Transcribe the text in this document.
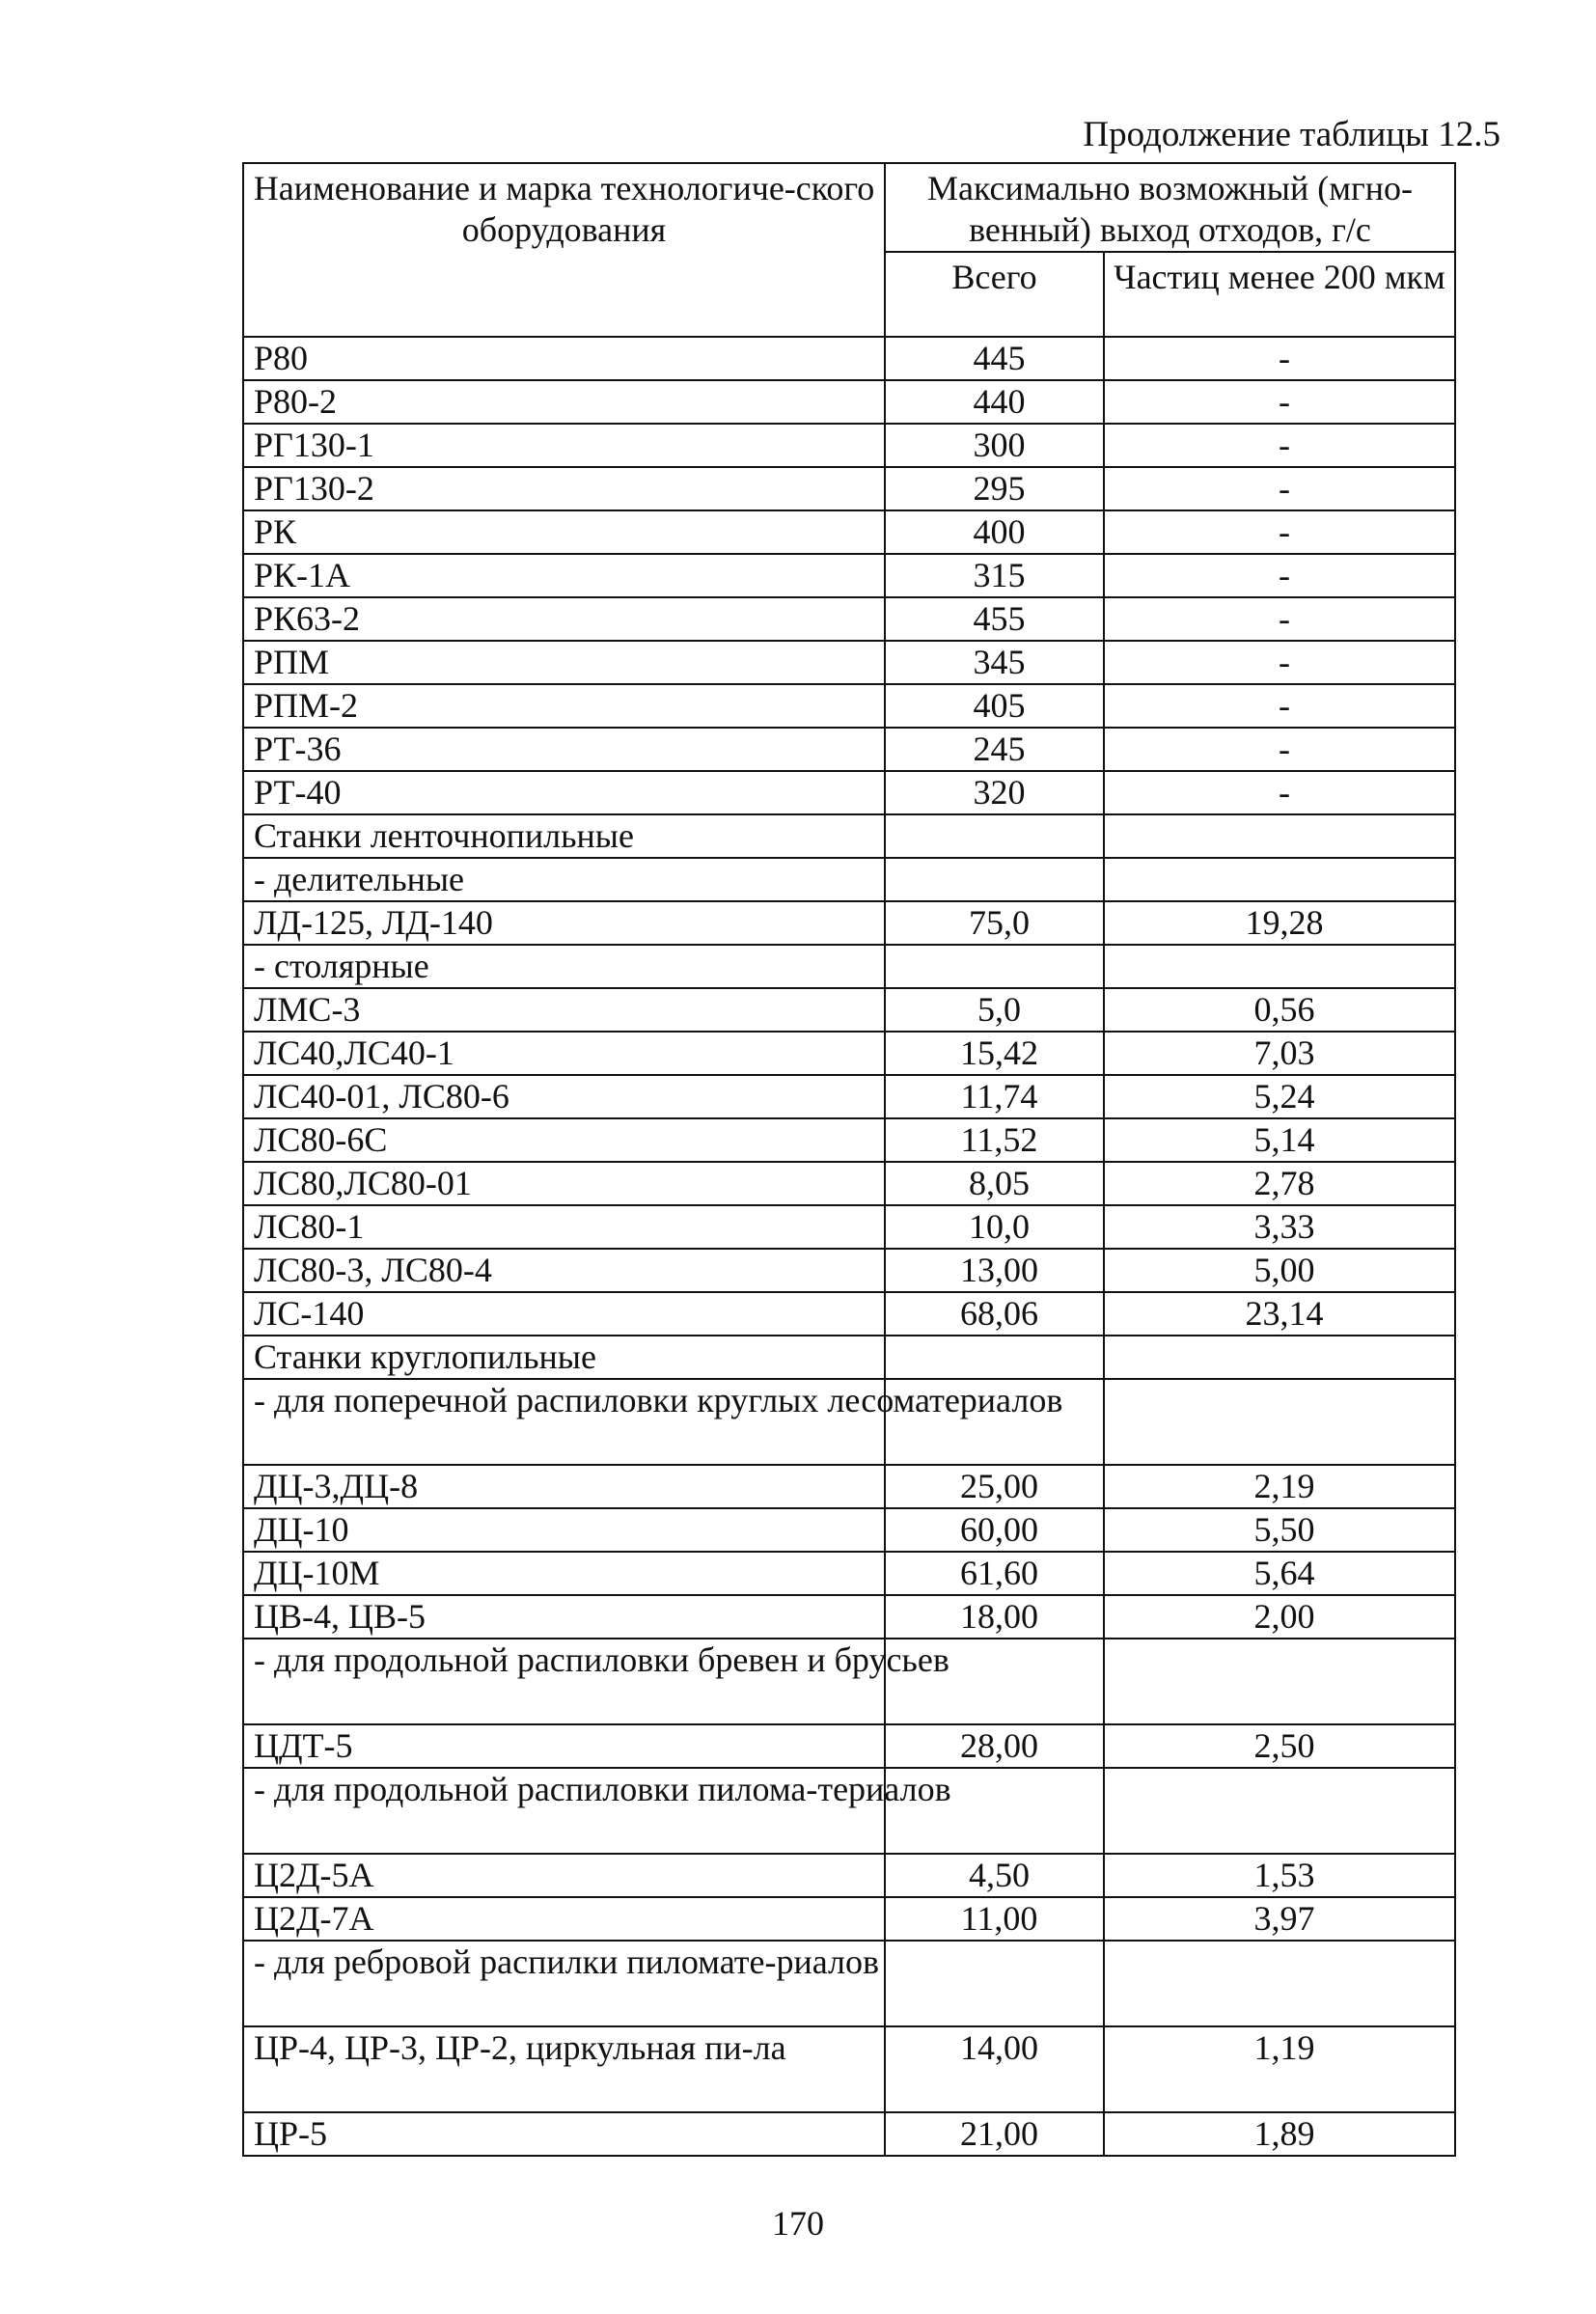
Продолжение таблицы 12.5
Наименование и марка технологиче-ского оборудования	Максимально возможный (мгно-венный) выход отходов, г/с	
	Всего	Частиц менее 200 мкм
Р80	445	-
Р80-2	440	-
РГ130-1	300	-
РГ130-2	295	-
РК	400	-
РК-1А	315	-
РК63-2	455	-
РПМ	345	-
РПМ-2	405	-
РТ-36	245	-
РТ-40	320	-
Станки ленточнопильные		
- делительные		
ЛД-125, ЛД-140	75,0	19,28
- столярные		
ЛМС-3	5,0	0,56
ЛС40,ЛС40-1	15,42	7,03
ЛС40-01, ЛС80-6	11,74	5,24
ЛС80-6С	11,52	5,14
ЛС80,ЛС80-01	8,05	2,78
ЛС80-1	10,0	3,33
ЛС80-3, ЛС80-4	13,00	5,00
ЛС-140	68,06	23,14
Станки круглопильные		
- для поперечной распиловки круглых лесоматериалов		
ДЦ-3,ДЦ-8	25,00	2,19
ДЦ-10	60,00	5,50
ДЦ-10М	61,60	5,64
ЦВ-4, ЦВ-5	18,00	2,00
- для продольной распиловки бревен и брусьев		
ЦДТ-5	28,00	2,50
- для продольной распиловки пилома-териалов		
Ц2Д-5А	4,50	1,53
Ц2Д-7А	11,00	3,97
- для ребровой распилки пиломате-риалов		
ЦР-4, ЦР-3, ЦР-2, циркульная пи-ла	14,00	1,19
ЦР-5	21,00	1,89
170
